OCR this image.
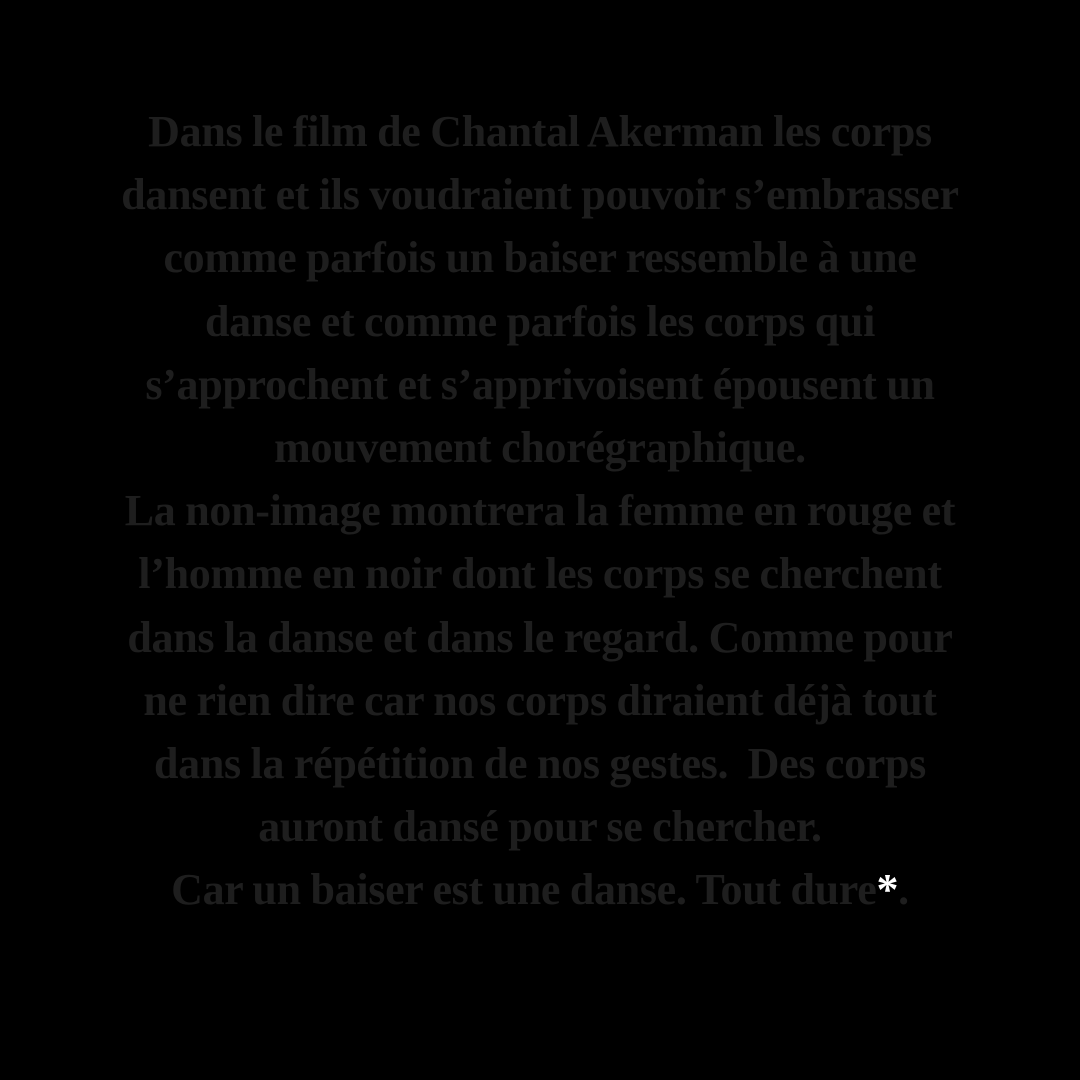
Dans le film de Chantal Akerman les corps
dansent et ils voudraient pouvoir s’embrasser
comme parfois un baiser ressemble à une
danse et comme parfois les corps qui
s’approchent et s’apprivoisent épousent un
mouvement chorégraphique.
La non-image montrera la femme en rouge et
l’homme en noir dont les corps se cherchent
dans la danse et dans le regard. Comme pour
ne rien dire car nos corps diraient déjà tout
dans la répétition de nos gestes.  Des corps
auront dansé pour se chercher.
Car un baiser est une danse. Tout dure*.
